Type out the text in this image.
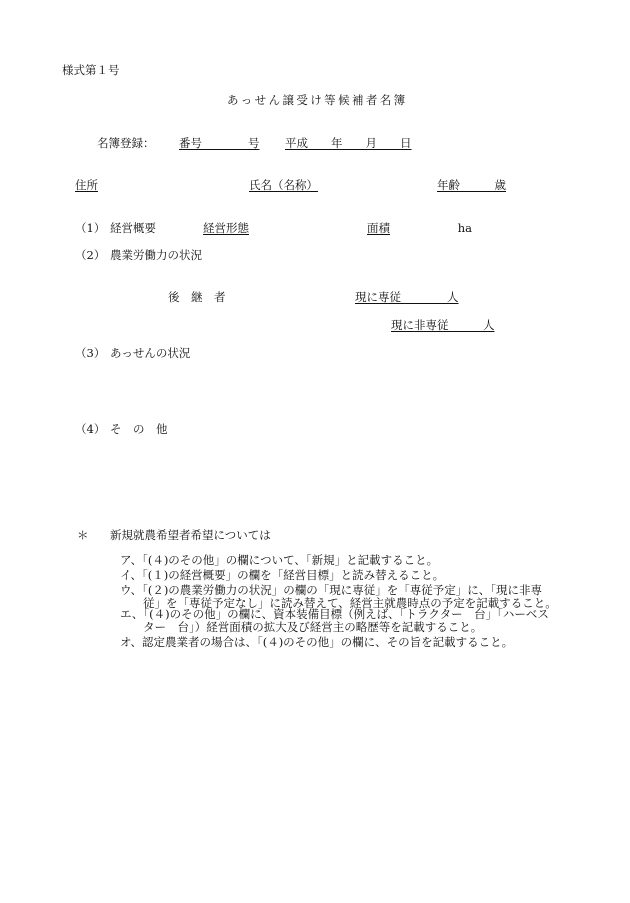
様式第１号
あっせん譲受け等候補者名簿
名簿登録： 番号　　　　号 平成　　年　　月　　日
住所	氏名（名称）	年齢　　　歳
（1） 経営概要	経営形態	面積	ha
（2） 農業労働力の状況
後　継　者	現に専従　　　　人
現に非専従　　　人
（3） あっせんの状況
（4） そ　の　他
＊ 新規就農希望者希望については
ア、「(４)のその他」の欄について、「新規」と記載すること。
イ、「(１)の経営概要」の欄を「経営目標」と読み替えること。
ウ、「(２)の農業労働力の状況」の欄の「現に専従」を「専従予定」に、「現に非専
従」を「専従予定なし」に読み替えて、経営主就農時点の予定を記載すること。
エ、「(４)のその他」の欄に、資本装備目標（例えば、「トラクター　台」「ハーベス
ター　台」）経営面積の拡大及び経営主の略歴等を記載すること。
オ、認定農業者の場合は、「(４)のその他」の欄に、その旨を記載すること。
